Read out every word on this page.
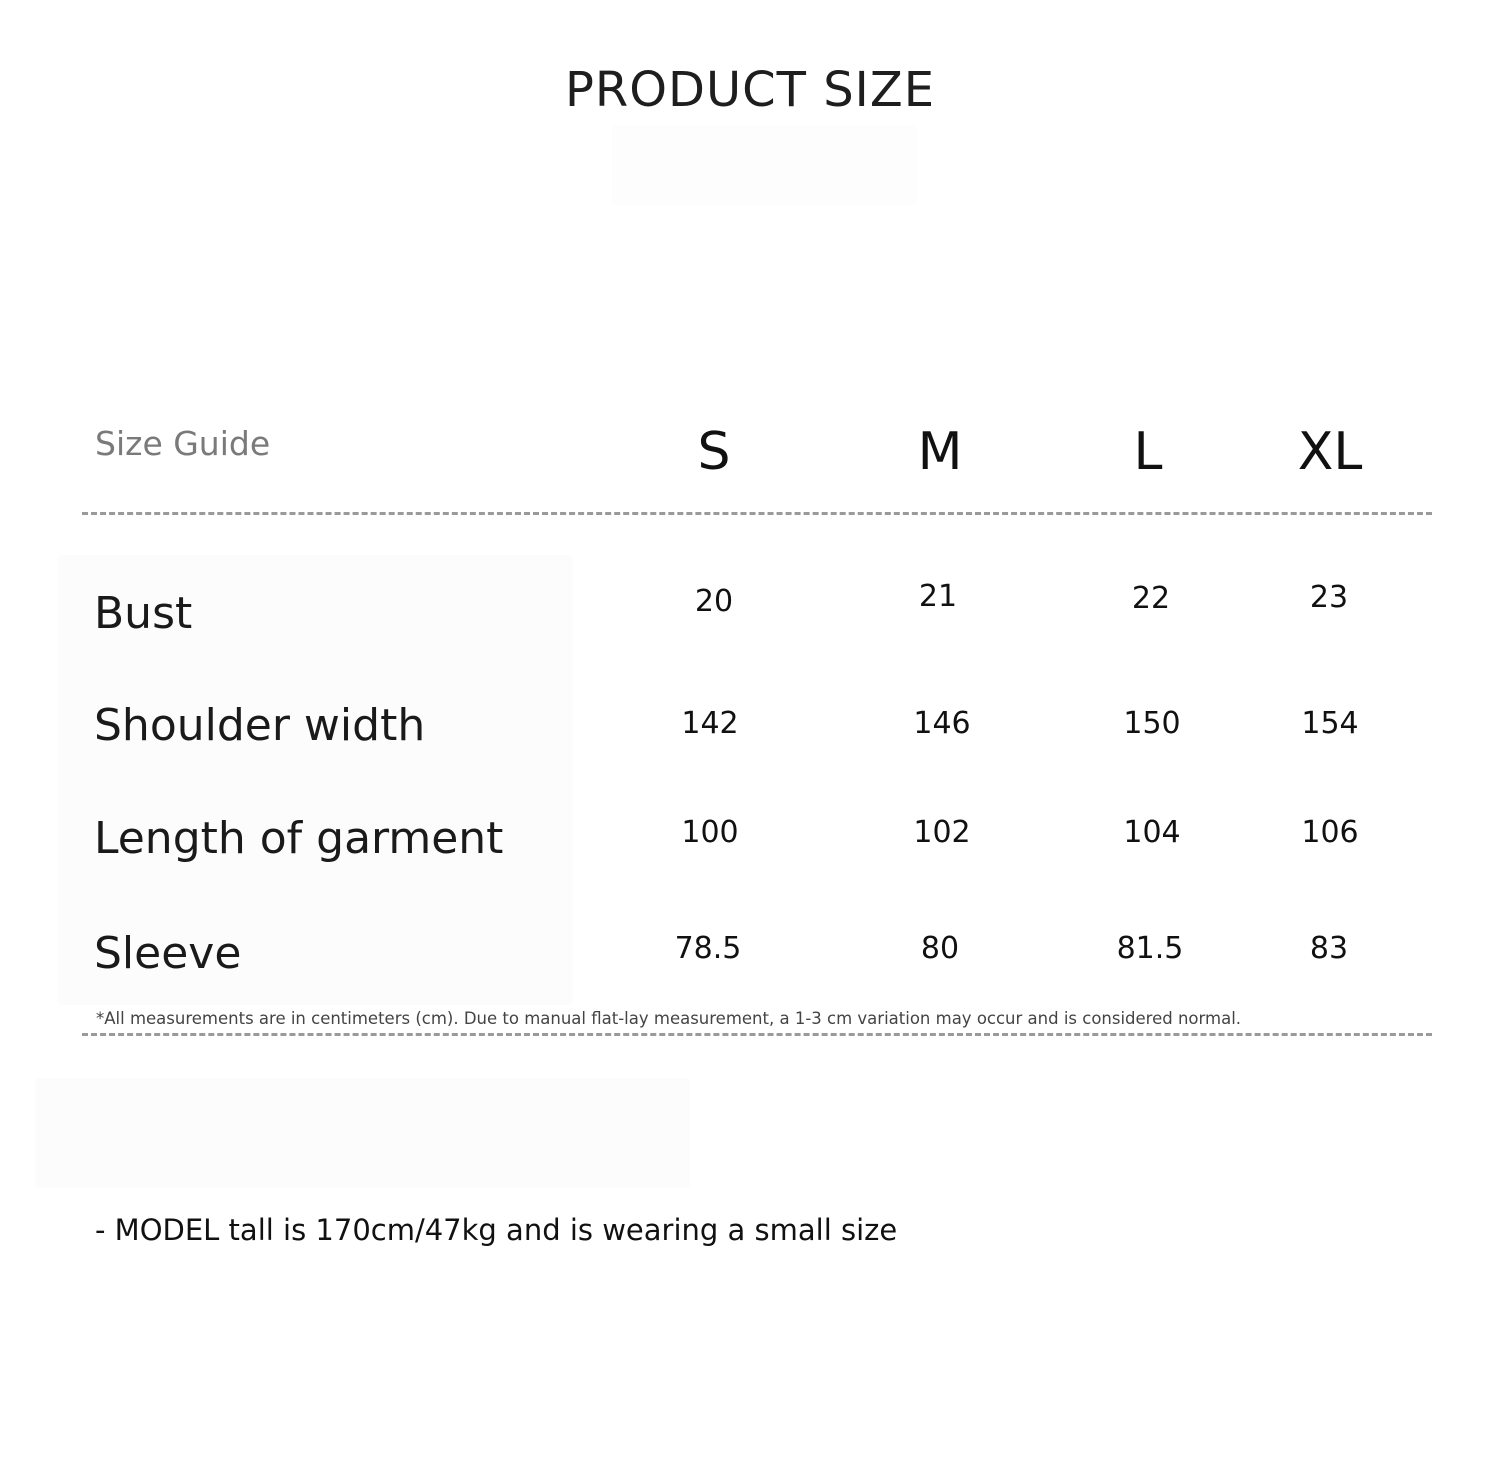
PRODUCT SIZE
Size Guide	S	M	L	XL
Bust	20	21	22	23
Shoulder width	142	146	150	154
Length of garment	100	102	104	106
Sleeve	78.5	80	81.5	83
*All measurements are in centimeters (cm). Due to manual flat-lay measurement, a 1-3 cm variation may occur and is considered normal.
- MODEL tall is 170cm/47kg and is wearing a small size
